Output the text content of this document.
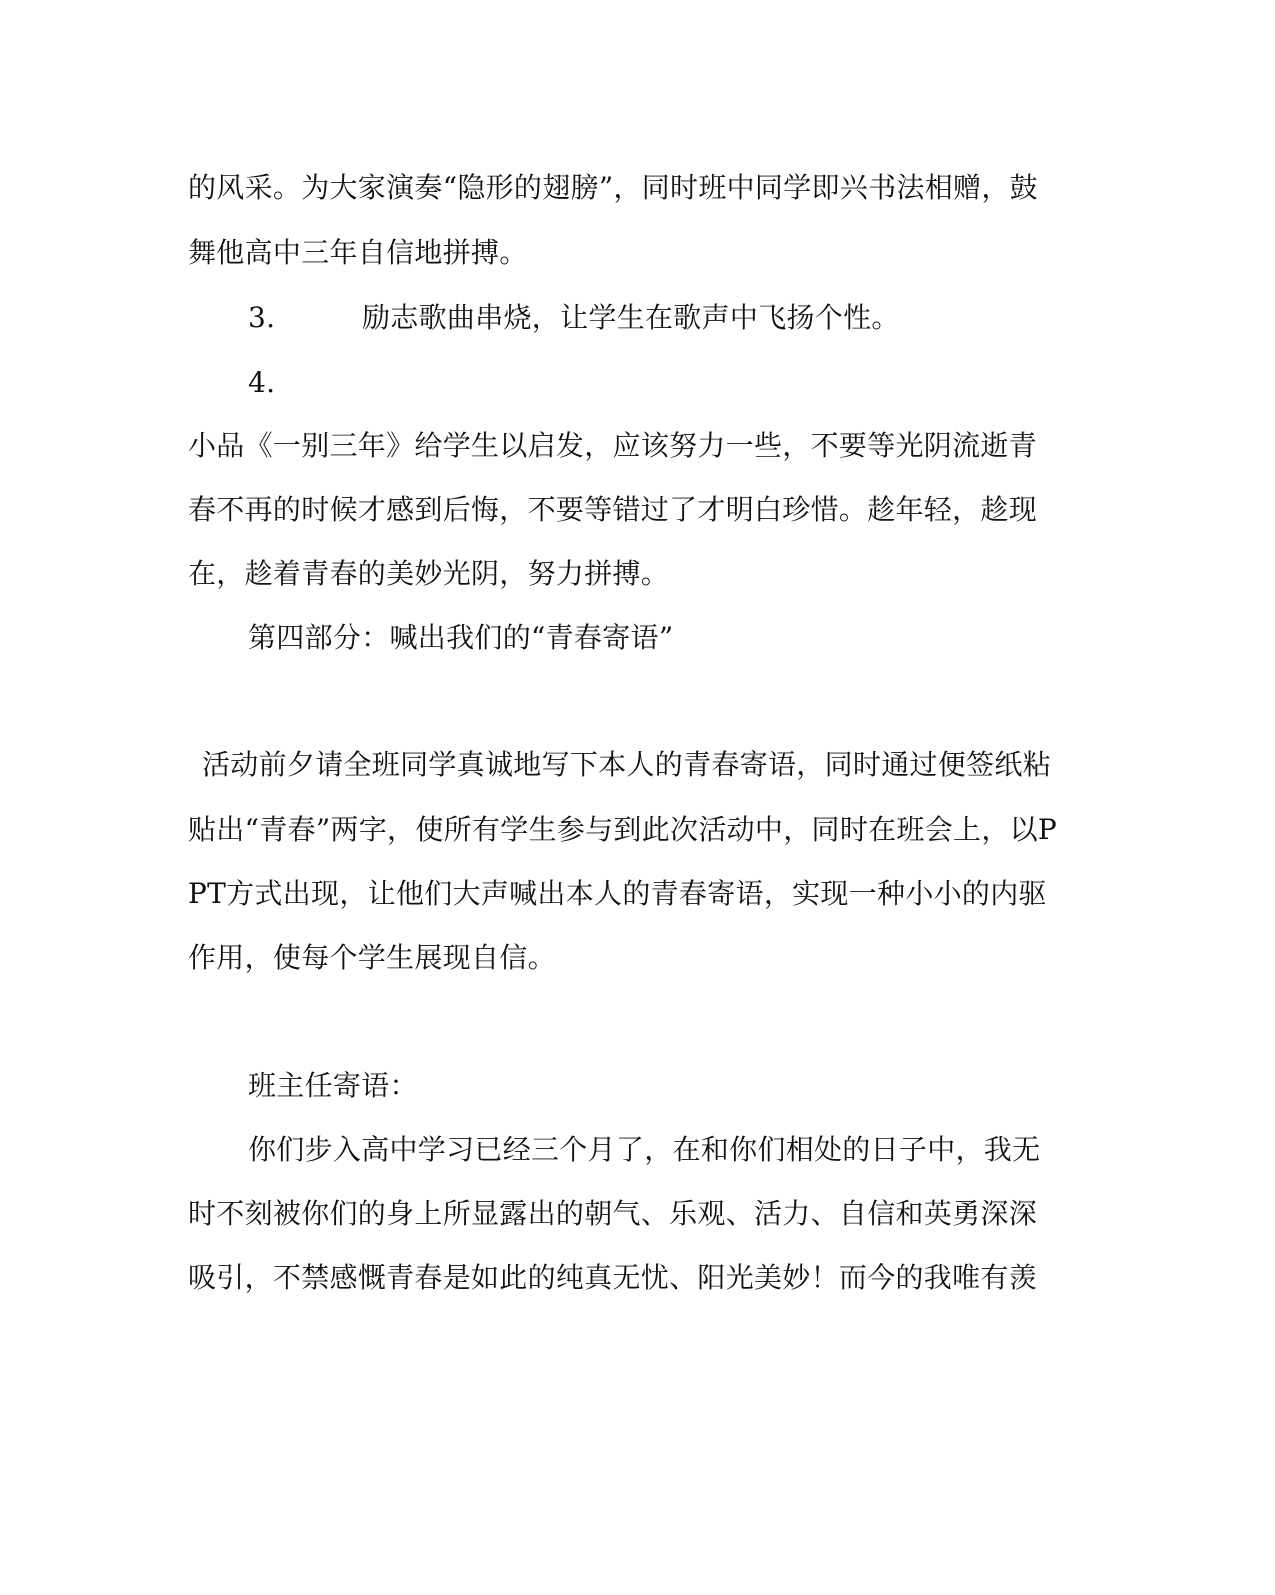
的风采。为大家演奏“隐形的翅膀”，同时班中同学即兴书法相赠，鼓
舞他高中三年自信地拼搏。
3.	励志歌曲串烧，让学生在歌声中飞扬个性。
4.
小品《一别三年》给学生以启发，应该努力一些，不要等光阴流逝青
春不再的时候才感到后悔，不要等错过了才明白珍惜。趁年轻，趁现
在，趁着青春的美妙光阴，努力拼搏。
第四部分：喊出我们的“青春寄语”
活动前夕请全班同学真诚地写下本人的青春寄语，同时通过便签纸粘
贴出“青春”两字，使所有学生参与到此次活动中，同时在班会上，以P
PT方式出现，让他们大声喊出本人的青春寄语，实现一种小小的内驱
作用，使每个学生展现自信。
班主任寄语：
你们步入高中学习已经三个月了，在和你们相处的日子中，我无
时不刻被你们的身上所显露出的朝气、乐观、活力、自信和英勇深深
吸引，不禁感慨青春是如此的纯真无忧、阳光美妙！而今的我唯有羡
